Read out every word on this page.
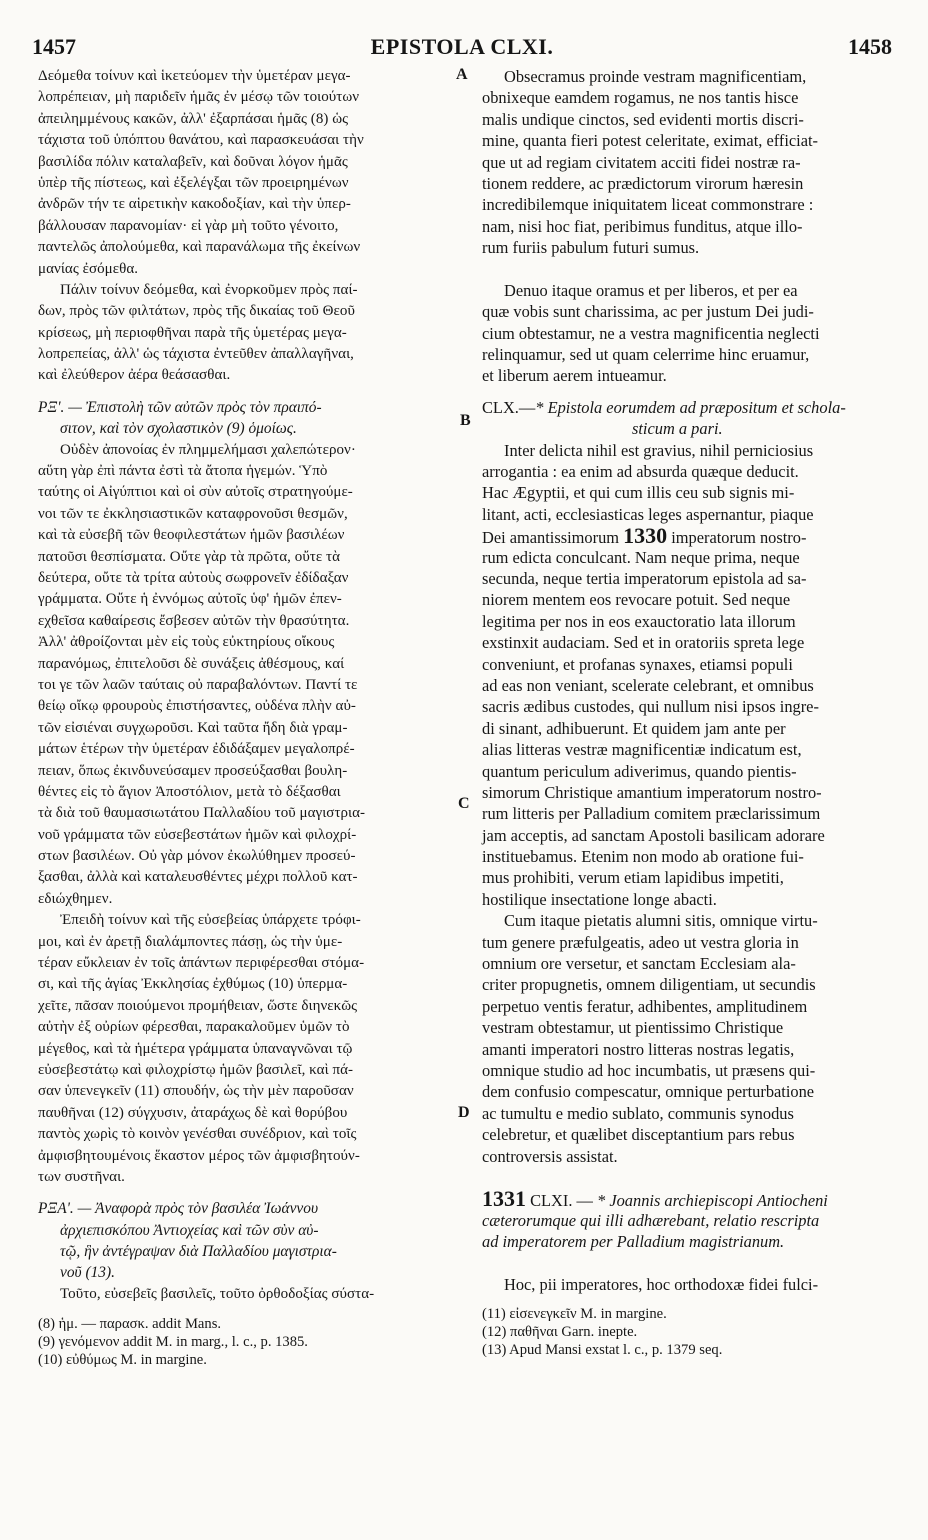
1457	EPISTOLA CLXI.	1458
A
B
C
D
Δεόμεθα τοίνυν καὶ ἱκετεύομεν τὴν ὑμετέραν μεγα-
λοπρέπειαν, μὴ παριδεῖν ἡμᾶς ἐν μέσῳ τῶν τοιούτων
ἀπειλημμένους κακῶν, ἀλλ' ἐξαρπάσαι ἡμᾶς (8) ὡς
τάχιστα τοῦ ὑπόπτου θανάτου, καὶ παρασκευάσαι τὴν
βασιλίδα πόλιν καταλαβεῖν, καὶ δοῦναι λόγον ἡμᾶς
ὑπὲρ τῆς πίστεως, καὶ ἐξελέγξαι τῶν προειρημένων
ἀνδρῶν τήν τε αἱρετικὴν κακοδοξίαν, καὶ τὴν ὑπερ-
βάλλουσαν παρανομίαν· εἰ γὰρ μὴ τοῦτο γένοιτο,
παντελῶς ἀπολούμεθα, καὶ παρανάλωμα τῆς ἐκείνων
μανίας ἐσόμεθα.
Πάλιν τοίνυν δεόμεθα, καὶ ἐνορκοῦμεν πρὸς παί-
δων, πρὸς τῶν φιλτάτων, πρὸς τῆς δικαίας τοῦ Θεοῦ
κρίσεως, μὴ περιοφθῆναι παρὰ τῆς ὑμετέρας μεγα-
λοπρεπείας, ἀλλ' ὡς τάχιστα ἐντεῦθεν ἀπαλλαγῆναι,
καὶ ἐλεύθερον ἀέρα θεάσασθαι.
ΡΞ'. — Ἐπιστολὴ τῶν αὐτῶν πρὸς τὸν πραιπό-
σιτον, καὶ τὸν σχολαστικὸν (9) ὁμοίως.
Οὐδὲν ἀπονοίας ἐν πλημμελήμασι χαλεπώτερον·
αὕτη γὰρ ἐπὶ πάντα ἐστὶ τὰ ἄτοπα ἡγεμών. Ὑπὸ
ταύτης οἱ Αἰγύπτιοι καὶ οἱ σὺν αὐτοῖς στρατηγούμε-
νοι τῶν τε ἐκκλησιαστικῶν καταφρονοῦσι θεσμῶν,
καὶ τὰ εὐσεβῆ τῶν θεοφιλεστάτων ἡμῶν βασιλέων
πατοῦσι θεσπίσματα. Οὔτε γὰρ τὰ πρῶτα, οὔτε τὰ
δεύτερα, οὔτε τὰ τρίτα αὐτοὺς σωφρονεῖν ἐδίδαξαν
γράμματα. Οὔτε ἡ ἐννόμως αὐτοῖς ὑφ' ἡμῶν ἐπεν-
εχθεῖσα καθαίρεσις ἔσβεσεν αὐτῶν τὴν θρασύτητα.
Ἀλλ' ἀθροίζονται μὲν εἰς τοὺς εὐκτηρίους οἴκους
παρανόμως, ἐπιτελοῦσι δὲ συνάξεις ἀθέσμους, καί
τοι γε τῶν λαῶν ταύταις οὐ παραβαλόντων. Παντί τε
θείῳ οἴκῳ φρουροὺς ἐπιστήσαντες, οὐδένα πλὴν αὐ-
τῶν εἰσιέναι συγχωροῦσι. Καὶ ταῦτα ἤδη διὰ γραμ-
μάτων ἑτέρων τὴν ὑμετέραν ἐδιδάξαμεν μεγαλοπρέ-
πειαν, ὅπως ἐκινδυνεύσαμεν προσεύξασθαι βουλη-
θέντες εἰς τὸ ἅγιον Ἀποστόλιον, μετὰ τὸ δέξασθαι
τὰ διὰ τοῦ θαυμασιωτάτου Παλλαδίου τοῦ μαγιστρια-
νοῦ γράμματα τῶν εὐσεβεστάτων ἡμῶν καὶ φιλοχρί-
στων βασιλέων. Οὐ γὰρ μόνον ἐκωλύθημεν προσεύ-
ξασθαι, ἀλλὰ καὶ καταλευσθέντες μέχρι πολλοῦ κατ-
εδιώχθημεν.
Ἐπειδὴ τοίνυν καὶ τῆς εὐσεβείας ὑπάρχετε τρόφι-
μοι, καὶ ἐν ἀρετῇ διαλάμποντες πάσῃ, ὡς τὴν ὑμε-
τέραν εὔκλειαν ἐν τοῖς ἁπάντων περιφέρεσθαι στόμα-
σι, καὶ τῆς ἁγίας Ἐκκλησίας ἐχθύμως (10) ὑπερμα-
χεῖτε, πᾶσαν ποιούμενοι προμήθειαν, ὥστε διηνεκῶς
αὐτὴν ἐξ οὐρίων φέρεσθαι, παρακαλοῦμεν ὑμῶν τὸ
μέγεθος, καὶ τὰ ἡμέτερα γράμματα ὑπαναγνῶναι τῷ
εὐσεβεστάτῳ καὶ φιλοχρίστῳ ἡμῶν βασιλεῖ, καὶ πά-
σαν ὑπενεγκεῖν (11) σπουδήν, ὡς τὴν μὲν παροῦσαν
παυθῆναι (12) σύγχυσιν, ἀταράχως δὲ καὶ θορύβου
παντὸς χωρὶς τὸ κοινὸν γενέσθαι συνέδριον, καὶ τοῖς
ἀμφισβητουμένοις ἕκαστον μέρος τῶν ἀμφισβητούν-
των συστῆναι.
ΡΞΑ'. — Ἀναφορὰ πρὸς τὸν βασιλέα Ἰωάννου
ἀρχιεπισκόπου Ἀντιοχείας καὶ τῶν σὺν αὐ-
τῷ, ἣν ἀντέγραψαν διὰ Παλλαδίου μαγιστρια-
νοῦ (13).
Τοῦτο, εὐσεβεῖς βασιλεῖς, τοῦτο ὀρθοδοξίας σύστα-
(8) ἡμ. — παρασκ. addit Mans.
(9) γενόμενον addit M. in marg., l. c., p. 1385.
(10) εὐθύμως M. in margine.
Obsecramus proinde vestram magnificentiam,
obnixeque eamdem rogamus, ne nos tantis hisce
malis undique cinctos, sed evidenti mortis discri-
mine, quanta fieri potest celeritate, eximat, efficiat-
que ut ad regiam civitatem acciti fidei nostræ ra-
tionem reddere, ac prædictorum virorum hæresin
incredibilemque iniquitatem liceat commonstrare :
nam, nisi hoc fiat, peribimus funditus, atque illo-
rum furiis pabulum futuri sumus.
Denuo itaque oramus et per liberos, et per ea
quæ vobis sunt charissima, ac per justum Dei judi-
cium obtestamur, ne a vestra magnificentia neglecti
relinquamur, sed ut quam celerrime hinc eruamur,
et liberum aerem intueamur.
CLX.—* Epistola eorumdem ad præpositum et schola-
sticum a pari.
Inter delicta nihil est gravius, nihil perniciosius
arrogantia : ea enim ad absurda quæque deducit.
Hac Ægyptii, et qui cum illis ceu sub signis mi-
litant, acti, ecclesiasticas leges aspernantur, piaque
Dei amantissimorum 1330 imperatorum nostro-
rum edicta conculcant. Nam neque prima, neque
secunda, neque tertia imperatorum epistola ad sa-
niorem mentem eos revocare potuit. Sed neque
legitima per nos in eos exauctoratio lata illorum
exstinxit audaciam. Sed et in oratoriis spreta lege
conveniunt, et profanas synaxes, etiamsi populi
ad eas non veniant, scelerate celebrant, et omnibus
sacris ædibus custodes, qui nullum nisi ipsos ingre-
di sinant, adhibuerunt. Et quidem jam ante per
alias litteras vestræ magnificentiæ indicatum est,
quantum periculum adiverimus, quando pientis-
simorum Christique amantium imperatorum nostro-
rum litteris per Palladium comitem præclarissimum
jam acceptis, ad sanctam Apostoli basilicam adorare
instituebamus. Etenim non modo ab oratione fui-
mus prohibiti, verum etiam lapidibus impetiti,
hostilique insectatione longe abacti.
Cum itaque pietatis alumni sitis, omnique virtu-
tum genere præfulgeatis, adeo ut vestra gloria in
omnium ore versetur, et sanctam Ecclesiam ala-
criter propugnetis, omnem diligentiam, ut secundis
perpetuo ventis feratur, adhibentes, amplitudinem
vestram obtestamur, ut pientissimo Christique
amanti imperatori nostro litteras nostras legatis,
omnique studio ad hoc incumbatis, ut præsens qui-
dem confusio compescatur, omnique perturbatione
ac tumultu e medio sublato, communis synodus
celebretur, et quælibet disceptantium pars rebus
controversis assistat.
1331 CLXI. — * Joannis archiepiscopi Antiocheni
cæterorumque qui illi adhærebant, relatio rescripta
ad imperatorem per Palladium magistrianum.
Hoc, pii imperatores, hoc orthodoxæ fidei fulci-
(11) εἰσενεγκεῖν M. in margine.
(12) παθῆναι Garn. inepte.
(13) Apud Mansi exstat l. c., p. 1379 seq.
